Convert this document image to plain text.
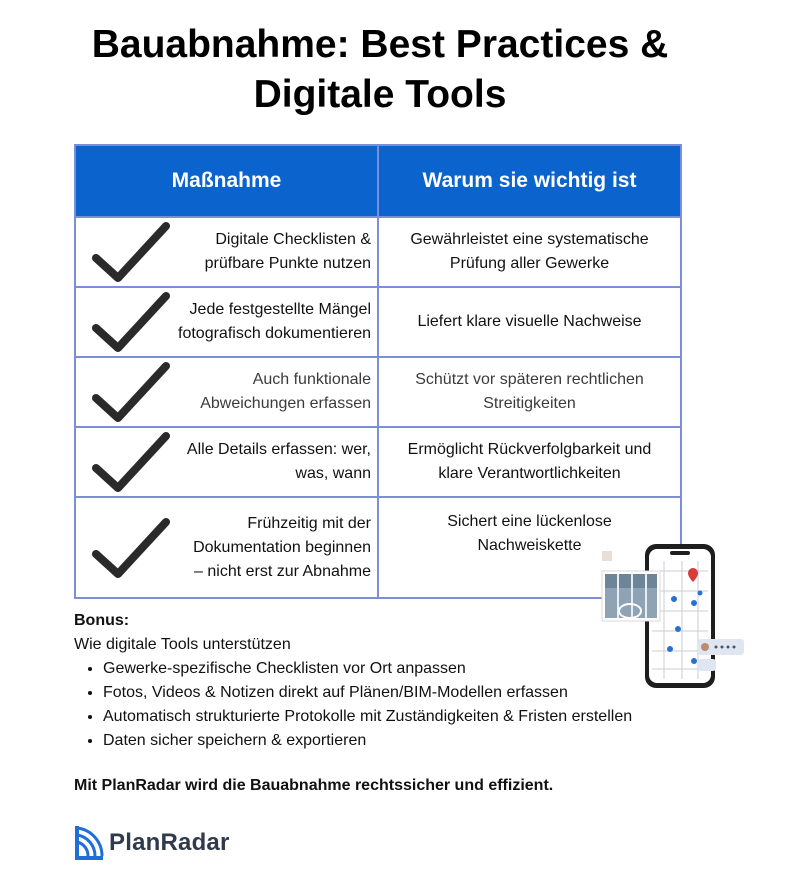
Bauabnahme: Best Practices &
Digitale Tools
Maßnahme	Warum sie wichtig ist

Digitale Checklisten &
prüfbare Punkte nutzen	Gewährleistet eine systematische Prüfung aller Gewerke

Jede festgestellte Mängel
fotografisch dokumentieren	Liefert klare visuelle Nachweise

Auch funktionale
Abweichungen erfassen	Schützt vor späteren rechtlichen Streitigkeiten

Alle Details erfassen: wer,
was, wann	Ermöglicht Rückverfolgbarkeit und klare Verantwortlichkeiten

Frühzeitig mit der
Dokumentation beginnen
– nicht erst zur Abnahme	Sichert eine lückenlose Nachweiskette
Bonus:
Wie digitale Tools unterstützen
• Gewerke-spezifische Checklisten vor Ort anpassen
• Fotos, Videos & Notizen direkt auf Plänen/BIM-Modellen erfassen
• Automatisch strukturierte Protokolle mit Zuständigkeiten & Fristen erstellen
• Daten sicher speichern & exportieren
Mit PlanRadar wird die Bauabnahme rechtssicher und effizient.
PlanRadar
